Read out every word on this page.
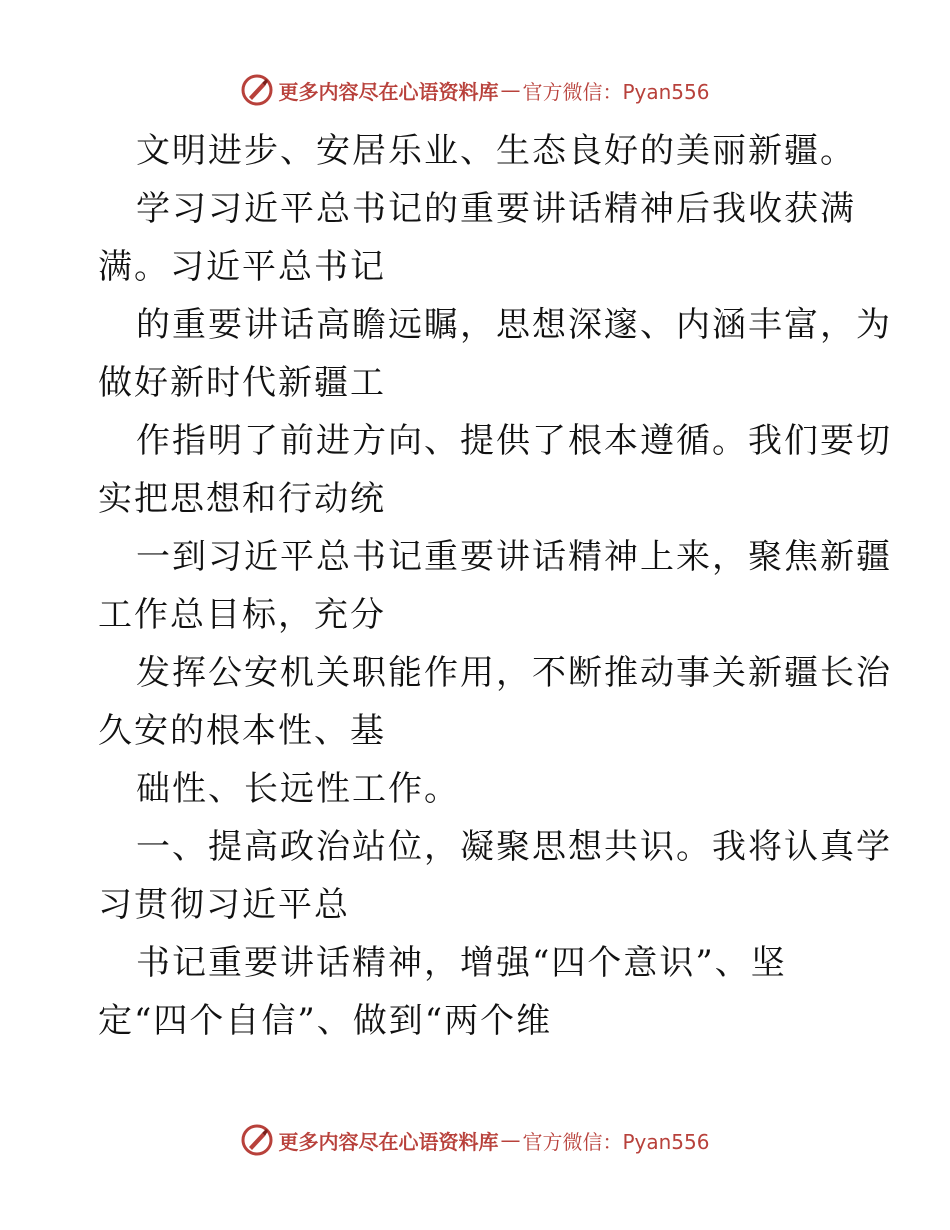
更多内容尽在心语资料库 — 官方微信：Pyan556
文明进步、安居乐业、生态良好的美丽新疆。
学习习近平总书记的重要讲话精神后我收获满
满。习近平总书记
的重要讲话高瞻远瞩，思想深邃、内涵丰富，为
做好新时代新疆工
作指明了前进方向、提供了根本遵循。我们要切
实把思想和行动统
一到习近平总书记重要讲话精神上来，聚焦新疆
工作总目标，充分
发挥公安机关职能作用，不断推动事关新疆长治
久安的根本性、基
础性、长远性工作。
一、提高政治站位，凝聚思想共识。我将认真学
习贯彻习近平总
书记重要讲话精神，增强“四个意识”、坚
定“四个自信”、做到“两个维
更多内容尽在心语资料库 — 官方微信：Pyan556
